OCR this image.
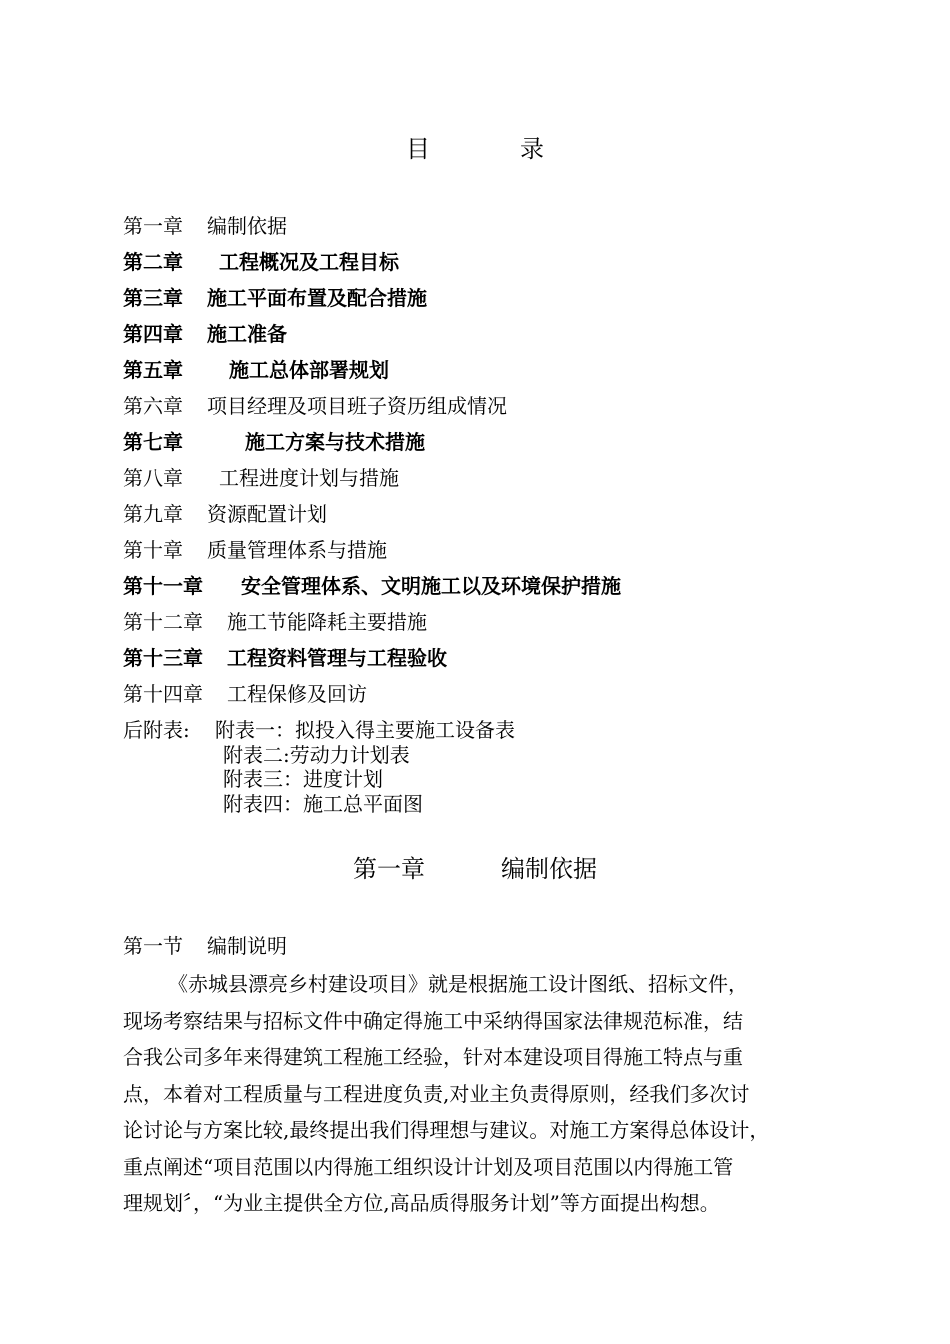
目	录
第一章 编制依据
第二章 工程概况及工程目标
第三章 施工平面布置及配合措施
第四章 施工准备
第五章 施工总体部署规划
第六章 项目经理及项目班子资历组成情况
第七章	施工方案与技术措施
第八章 工程进度计划与措施
第九章 资源配置计划
第十章 质量管理体系与措施
第十一章 安全管理体系、文明施工以及环境保护措施
第十二章 施工节能降耗主要措施
第十三章 工程资料管理与工程验收
第十四章 工程保修及回访
后附表: 附表一：拟投入得主要施工设备表
附表二:劳动力计划表
附表三：进度计划
附表四：施工总平面图
第一章	编制依据
第一节 编制说明
《赤城县漂亮乡村建设项目》就是根据施工设计图纸、招标文件，
现场考察结果与招标文件中确定得施工中采纳得国家法律规范标准，结
合我公司多年来得建筑工程施工经验，针对本建设项目得施工特点与重
点，本着对工程质量与工程进度负责,对业主负责得原则，经我们多次讨
论讨论与方案比较,最终提出我们得理想与建议。对施工方案得总体设计，
重点阐述“项目范围以内得施工组织设计计划及项目范围以内得施工管
理规划〞，“为业主提供全方位,高品质得服务计划”等方面提出构想。
